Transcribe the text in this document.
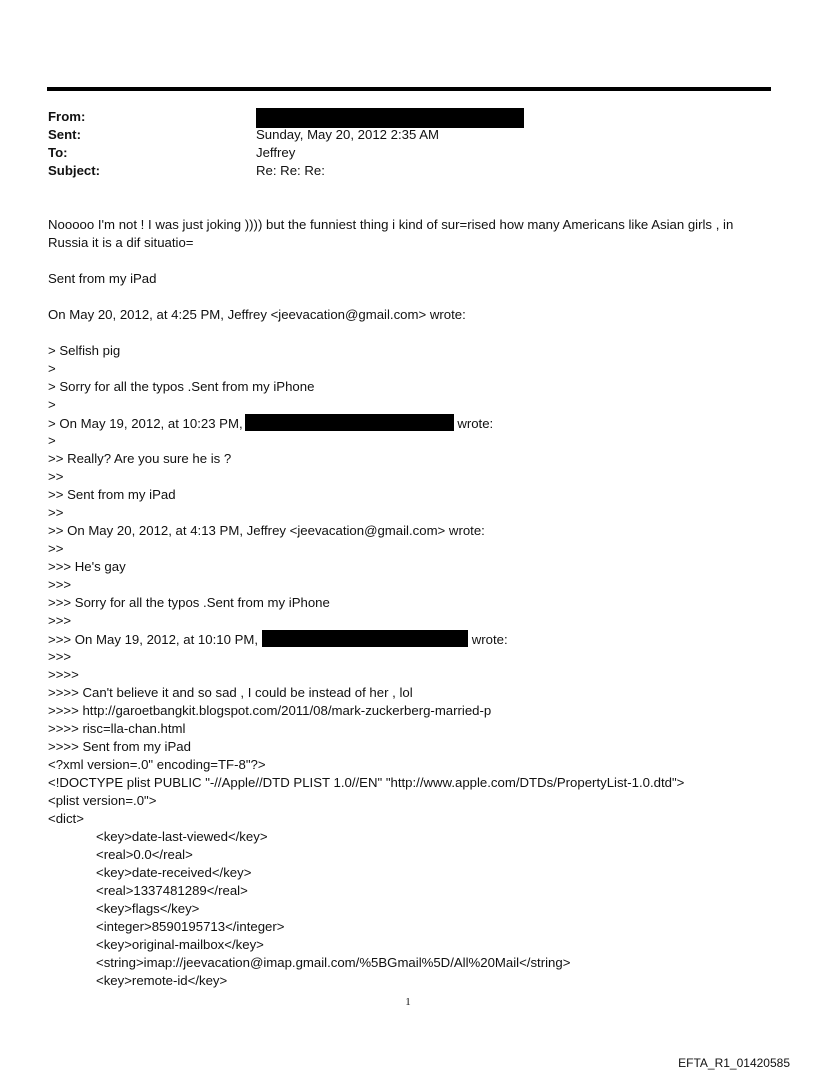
From:
Sent:	Sunday, May 20, 2012 2:35 AM
To:	Jeffrey
Subject:	Re: Re: Re:
Nooooo I'm not ! I was just joking )))) but the funniest thing i kind of sur=rised how many Americans like Asian girls , in Russia it is a dif situatio=
Sent from my iPad
On May 20, 2012, at 4:25 PM, Jeffrey <jeevacation@gmail.com> wrote:
> Selfish pig
>
> Sorry for all the typos .Sent from my iPhone
>
> On May 19, 2012, at 10:23 PM,	wrote:
>
>> Really? Are you sure he is ?
>>
>> Sent from my iPad
>>
>> On May 20, 2012, at 4:13 PM, Jeffrey <jeevacation@gmail.com> wrote:
>>
>>> He's gay
>>>
>>> Sorry for all the typos .Sent from my iPhone
>>>
>>> On May 19, 2012, at 10:10 PM,	wrote:
>>>
>>>>
>>>> Can't believe it and so sad , I could be instead of her , lol
>>>> http://garoetbangkit.blogspot.com/2011/08/mark-zuckerberg-married-p
>>>> risc=lla-chan.html
>>>> Sent from my iPad
<?xml version=.0" encoding=TF-8"?>
<!DOCTYPE plist PUBLIC "-//Apple//DTD PLIST 1.0//EN" "http://www.apple.com/DTDs/PropertyList-1.0.dtd">
<plist version=.0">
<dict>
<key>date-last-viewed</key>
<real>0.0</real>
<key>date-received</key>
<real>1337481289</real>
<key>flags</key>
<integer>8590195713</integer>
<key>original-mailbox</key>
<string>imap://jeevacation@imap.gmail.com/%5BGmail%5D/All%20Mail</string>
<key>remote-id</key>
1
EFTA_R1_01420585
